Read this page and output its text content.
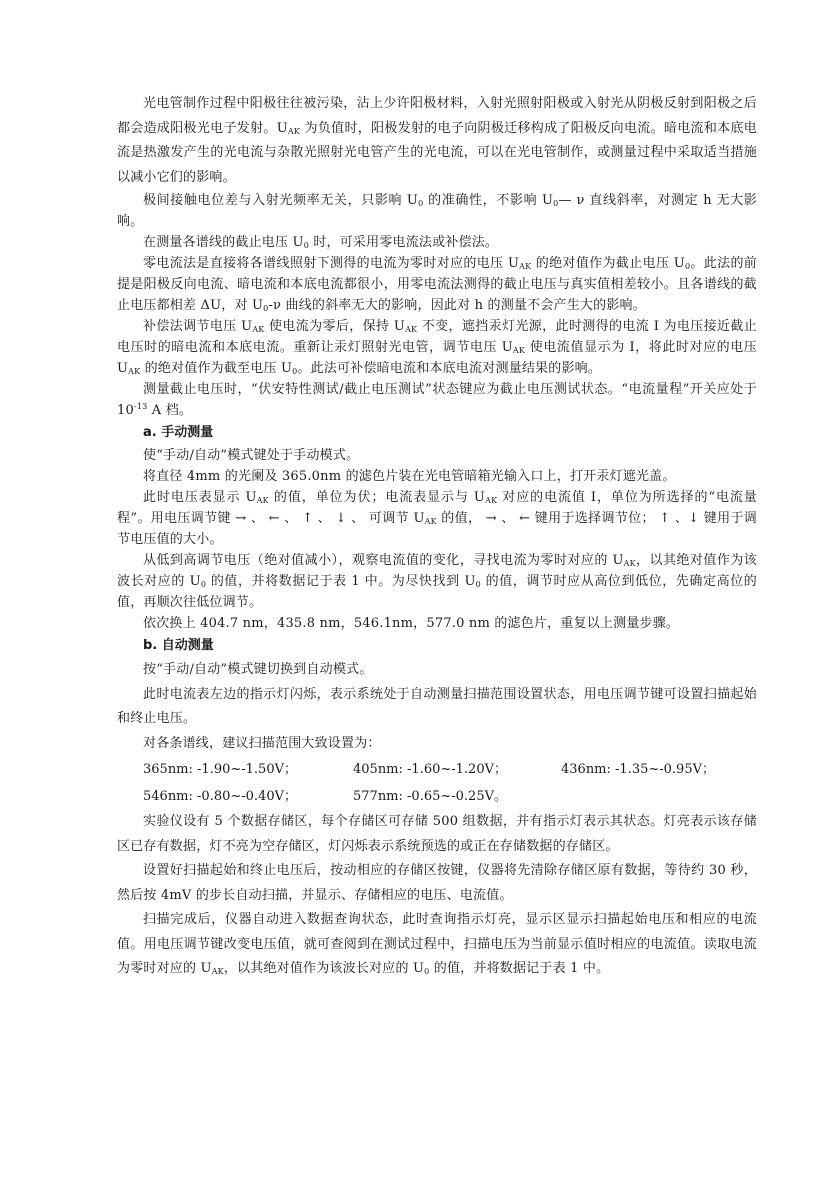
光电管制作过程中阳极往往被污染，沾上少许阳极材料，入射光照射阳极或入射光从阴极反射到阳极之后都会造成阳极光电子发射。$U_{AK}$ 为负值时，阳极发射的电子向阴极迁移构成了阳极反向电流。暗电流和本底电流是热激发产生的光电流与杂散光照射光电管产生的光电流，可以在光电管制作，或测量过程中采取适当措施以减小它们的影响。

极间接触电位差与入射光频率无关，只影响 $U_0$ 的准确性，不影响 $U_0—$ ν 直线斜率，对测定 h 无大影响。

在测量各谱线的截止电压 $U_0$ 时，可采用零电流法或补偿法。

零电流法是直接将各谱线照射下测得的电流为零时对应的电压 $U_{AK}$ 的绝对值作为截止电压 $U_0$。此法的前提是阳极反向电流、暗电流和本底电流都很小，用零电流法测得的截止电压与真实值相差较小。且各谱线的截止电压都相差 ΔU，对 $U_0-\nu$ 曲线的斜率无大的影响，因此对 h 的测量不会产生大的影响。

补偿法调节电压 $U_{AK}$ 使电流为零后，保持 $U_{AK}$ 不变，遮挡汞灯光源，此时测得的电流 I 为电压接近截止电压时的暗电流和本底电流。重新让汞灯照射光电管，调节电压 $U_{AK}$ 使电流值显示为 I，将此时对应的电压 $U_{AK}$ 的绝对值作为截至电压 $U_0$。此法可补偿暗电流和本底电流对测量结果的影响。

测量截止电压时，“伏安特性测试/截止电压测试”状态键应为截止电压测试状态。“电流量程”开关应处于 $10^{-13}$ A 档。

a. 手动测量

使“手动/自动”模式键处于手动模式。

将直径 4mm 的光阑及 365.0nm 的滤色片装在光电管暗箱光输入口上，打开汞灯遮光盖。

此时电压表显示 $U_{AK}$ 的值，单位为伏；电流表显示与 $U_{AK}$ 对应的电流值 I，单位为所选择的“电流量程”。用电压调节键 → 、 ← 、 ↑ 、 ↓ 、 可调节 $U_{AK}$ 的值， → 、 ← 键用于选择调节位； ↑ 、↓ 键用于调节电压值的大小。

从低到高调节电压（绝对值减小），观察电流值的变化，寻找电流为零时对应的 $U_{AK}$，以其绝对值作为该波长对应的 $U_0$ 的值，并将数据记于表 1 中。为尽快找到 $U_0$ 的值，调节时应从高位到低位，先确定高位的值，再顺次往低位调节。

依次换上 404.7 nm，435.8 nm，546.1nm，577.0 nm 的滤色片，重复以上测量步骤。

b. 自动测量

按“手动/自动”模式键切换到自动模式。

此时电流表左边的指示灯闪烁，表示系统处于自动测量扫描范围设置状态，用电压调节键可设置扫描起始和终止电压。

对各条谱线，建议扫描范围大致设置为：

365nm: -1.90~-1.50V；	405nm: -1.60~-1.20V；	436nm: -1.35~-0.95V；
546nm: -0.80~-0.40V；	577nm: -0.65~-0.25V。

实验仪设有 5 个数据存储区，每个存储区可存储 500 组数据，并有指示灯表示其状态。灯亮表示该存储区已存有数据，灯不亮为空存储区，灯闪烁表示系统预选的或正在存储数据的存储区。

设置好扫描起始和终止电压后，按动相应的存储区按键，仪器将先清除存储区原有数据，等待约 30 秒，然后按 4mV 的步长自动扫描，并显示、存储相应的电压、电流值。

扫描完成后，仪器自动进入数据查询状态，此时查询指示灯亮，显示区显示扫描起始电压和相应的电流值。用电压调节键改变电压值，就可查阅到在测试过程中，扫描电压为当前显示值时相应的电流值。读取电流为零时对应的 $U_{AK}$，以其绝对值作为该波长对应的 $U_0$ 的值，并将数据记于表 1 中。
